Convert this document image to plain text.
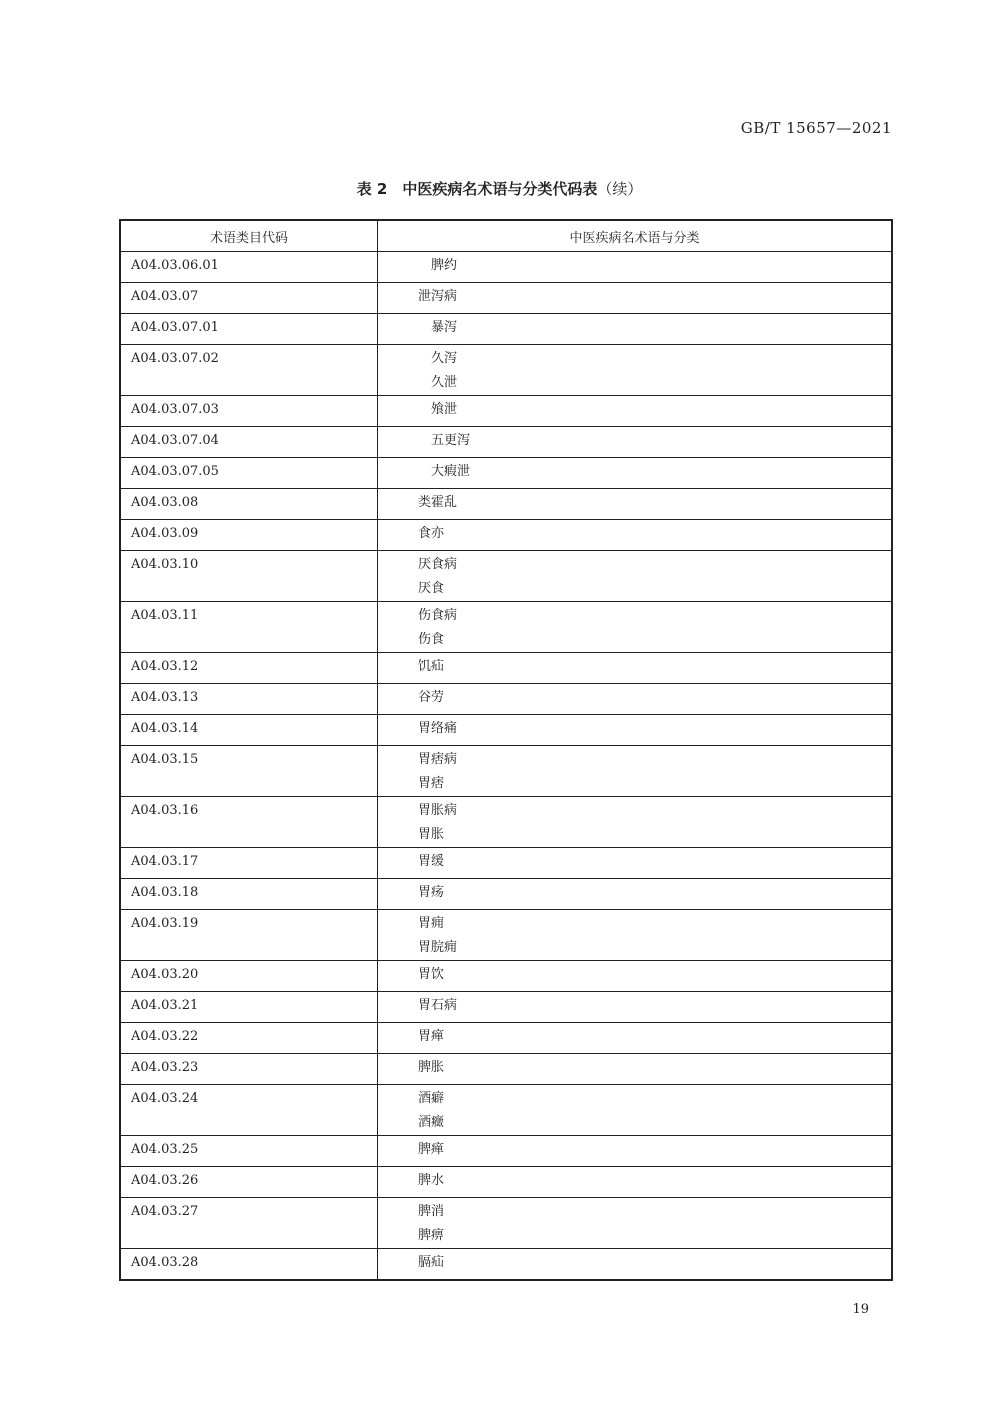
GB/T 15657—2021
表 2　中医疾病名术语与分类代码表（续）
术语类目代码	中医疾病名术语与分类

A04.03.06.01	脾约

A04.03.07	泄泻病

A04.03.07.01	暴泻

A04.03.07.02	久泻
久泄

A04.03.07.03	飧泄

A04.03.07.04	五更泻

A04.03.07.05	大瘕泄

A04.03.08	类霍乱

A04.03.09	食亦

A04.03.10	厌食病
厌食

A04.03.11	伤食病
伤食

A04.03.12	饥疝

A04.03.13	谷劳

A04.03.14	胃络痛

A04.03.15	胃痞病
胃痞

A04.03.16	胃胀病
胃胀

A04.03.17	胃缓

A04.03.18	胃疡

A04.03.19	胃痈
胃脘痈

A04.03.20	胃饮

A04.03.21	胃石病

A04.03.22	胃瘅

A04.03.23	脾胀

A04.03.24	酒癖
酒癥

A04.03.25	脾瘅

A04.03.26	脾水

A04.03.27	脾消
脾痹

A04.03.28	膈疝
19
